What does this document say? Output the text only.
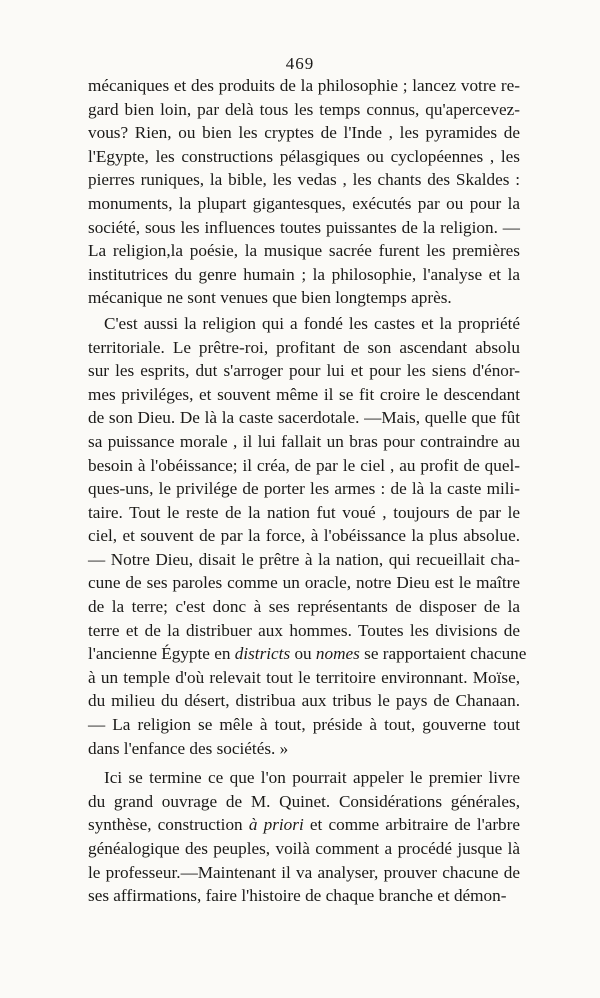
469
mécaniques et des produits de la philosophie ; lancez votre re-
gard bien loin, par delà tous les temps connus, qu'apercevez-
vous? Rien, ou bien les cryptes de l'Inde , les pyramides de
l'Egypte, les constructions pélasgiques ou cyclopéennes , les
pierres runiques, la bible, les vedas , les chants des Skaldes :
monuments, la plupart gigantesques, exécutés par ou pour la
société, sous les influences toutes puissantes de la religion. —
La religion,la poésie, la musique sacrée furent les premières
institutrices du genre humain ; la philosophie, l'analyse et la
mécanique ne sont venues que bien longtemps après.
C'est aussi la religion qui a fondé les castes et la propriété
territoriale. Le prêtre-roi, profitant de son ascendant absolu
sur les esprits, dut s'arroger pour lui et pour les siens d'énor-
mes priviléges, et souvent même il se fit croire le descendant
de son Dieu. De là la caste sacerdotale. —Mais, quelle que fût
sa puissance morale , il lui fallait un bras pour contraindre au
besoin à l'obéissance; il créa, de par le ciel , au profit de quel-
ques-uns, le privilége de porter les armes : de là la caste mili-
taire. Tout le reste de la nation fut voué , toujours de par le
ciel, et souvent de par la force, à l'obéissance la plus absolue.
— Notre Dieu, disait le prêtre à la nation, qui recueillait cha-
cune de ses paroles comme un oracle, notre Dieu est le maître
de la terre; c'est donc à ses représentants de disposer de la
terre et de la distribuer aux hommes. Toutes les divisions de
l'ancienne Égypte en districts ou nomes se rapportaient chacune
à un temple d'où relevait tout le territoire environnant. Moïse,
du milieu du désert, distribua aux tribus le pays de Chanaan.
— La religion se mêle à tout, préside à tout, gouverne tout
dans l'enfance des sociétés. »
Ici se termine ce que l'on pourrait appeler le premier livre
du grand ouvrage de M. Quinet. Considérations générales,
synthèse, construction à priori et comme arbitraire de l'arbre
généalogique des peuples, voilà comment a procédé jusque là
le professeur.—Maintenant il va analyser, prouver chacune de
ses affirmations, faire l'histoire de chaque branche et démon-
